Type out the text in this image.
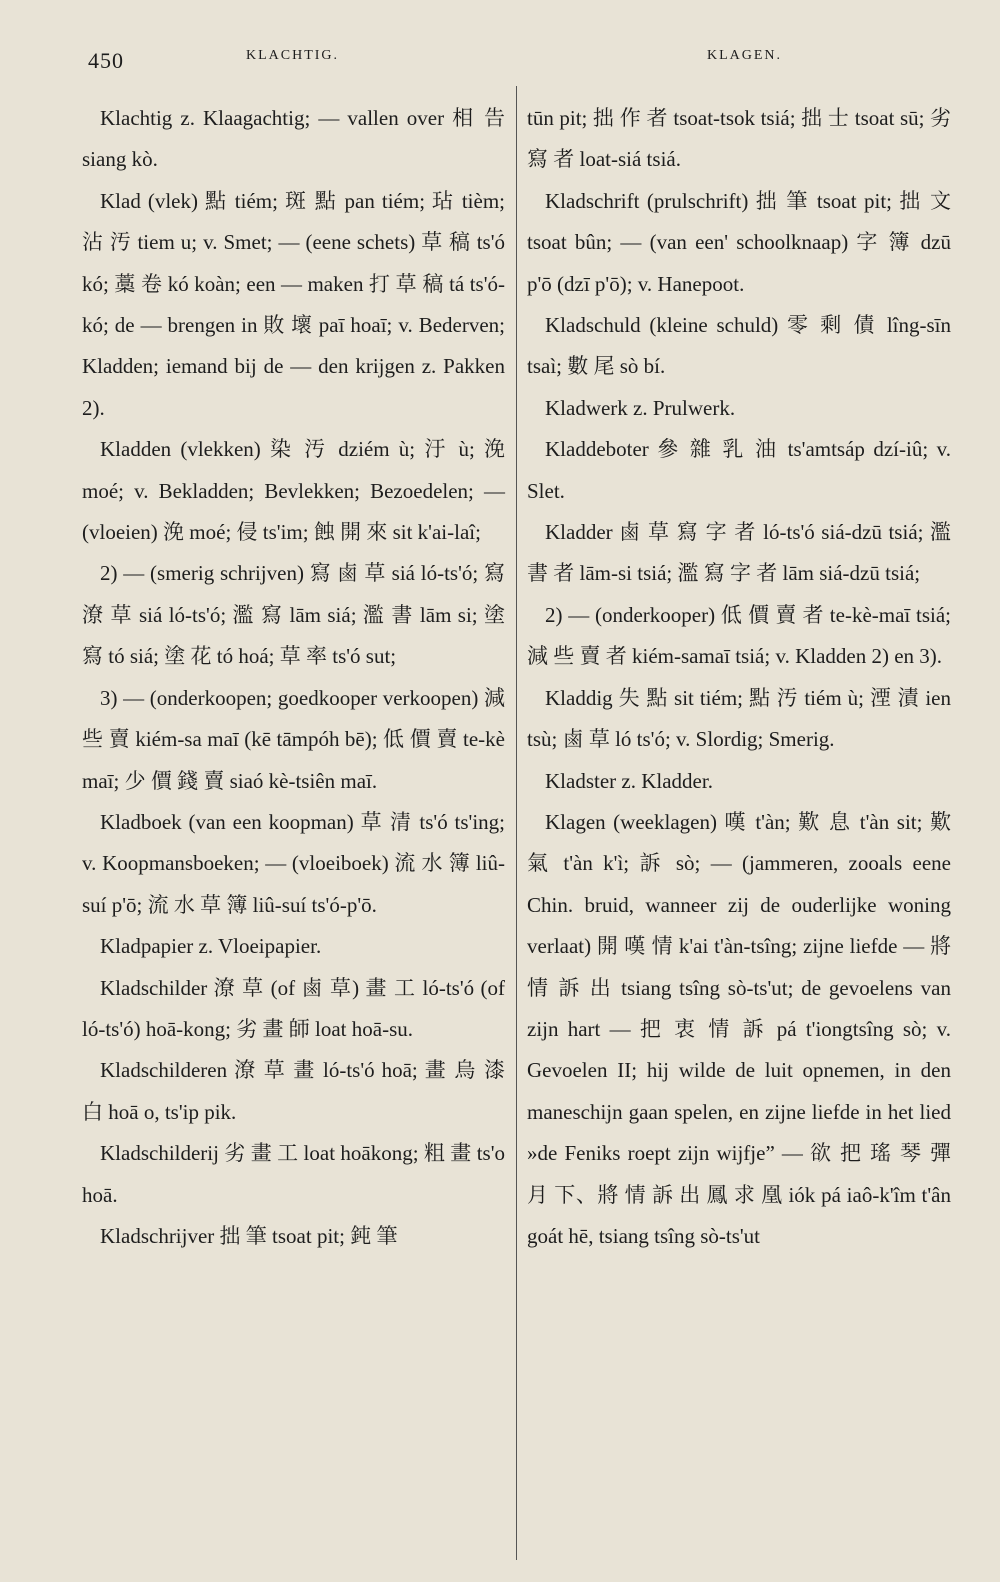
450	KLACHTIG.	KLAGEN.

Klachtig z. Klaagachtig; — vallen over 相 告 siang kò.

Klad (vlek) 點 tiém; 斑 點 pan tiém; 玷 tièm; 沾 汚 tiem u; v. Smet; — (eene schets) 草 稿 ts'ó kó; 藁 卷 kó koàn; een — maken 打 草 稿 tá ts'ó-kó; de — brengen in 敗 壞 paī hoaī; v. Bederven; Kladden; iemand bij de — den krijgen z. Pakken 2).

Kladden (vlekken) 染 汚 dziém ù; 汙 ù; 浼 moé; v. Bekladden; Bevlekken; Bezoedelen; — (vloeien) 浼 moé; 侵 ts'im; 蝕 開 來 sit k'ai-laî;

2) — (smerig schrijven) 寫 鹵 草 siá ló-ts'ó; 寫 潦 草 siá ló-ts'ó; 濫 寫 lām siá; 濫 書 lām si; 塗 寫 tó siá; 塗 花 tó hoá; 草 率 ts'ó sut;

3) — (onderkoopen; goedkooper verkoopen) 減 些 賣 kiém-sa maī (kē tāmpóh bē); 低 價 賣 te-kè maī; 少 價 錢 賣 siaó kè-tsiên maī.

Kladboek (van een koopman) 草 清 ts'ó ts'ing; v. Koopmansboeken; — (vloeiboek) 流 水 簿 liû-suí p'ō; 流 水 草 簿 liû-suí ts'ó-p'ō.

Kladpapier z. Vloeipapier.

Kladschilder 潦 草 (of 鹵 草) 畫 工 ló-ts'ó (of ló-ts'ó) hoā-kong; 劣 畫 師 loat hoā-su.

Kladschilderen 潦 草 畫 ló-ts'ó hoā; 畫 烏 漆 白 hoā o, ts'ip pik.

Kladschilderij 劣 畫 工 loat hoākong; 粗 畫 ts'o hoā.

Kladschrijver 拙 筆 tsoat pit; 鈍 筆

tūn pit; 拙 作 者 tsoat-tsok tsiá; 拙 士 tsoat sū; 劣 寫 者 loat-siá tsiá.

Kladschrift (prulschrift) 拙 筆 tsoat pit; 拙 文 tsoat bûn; — (van een' schoolknaap) 字 簿 dzū p'ō (dzī p'ō); v. Hanepoot.

Kladschuld (kleine schuld) 零 剩 債 lîng-sīn tsaì; 數 尾 sò bí.

Kladwerk z. Prulwerk.

Kladdeboter 參 雜 乳 油 ts'amtsáp dzí-iû; v. Slet.

Kladder 鹵 草 寫 字 者 ló-ts'ó siá-dzū tsiá; 濫 書 者 lām-si tsiá; 濫 寫 字 者 lām siá-dzū tsiá;

2) — (onderkooper) 低 價 賣 者 te-kè-maī tsiá; 減 些 賣 者 kiém-samaī tsiá; v. Kladden 2) en 3).

Kladdig 失 點 sit tiém; 點 汚 tiém ù; 湮 漬 ien tsù; 鹵 草 ló ts'ó; v. Slordig; Smerig.

Kladster z. Kladder.

Klagen (weeklagen) 嘆 t'àn; 歎 息 t'àn sit; 歎 氣 t'àn k'ì; 訴 sò; — (jammeren, zooals eene Chin. bruid, wanneer zij de ouderlijke woning verlaat) 開 嘆 情 k'ai t'àn-tsîng; zijne liefde — 將 情 訴 出 tsiang tsîng sò-ts'ut; de gevoelens van zijn hart — 把 衷 情 訴 pá t'iongtsîng sò; v. Gevoelen II; hij wilde de luit opnemen, in den maneschijn gaan spelen, en zijne liefde in het lied »de Feniks roept zijn wijfje” — 欲 把 瑤 琴 彈 月 下、將 情 訴 出 鳳 求 凰 iók pá iaô-k'îm t'ân goát hē, tsiang tsîng sò-ts'ut
